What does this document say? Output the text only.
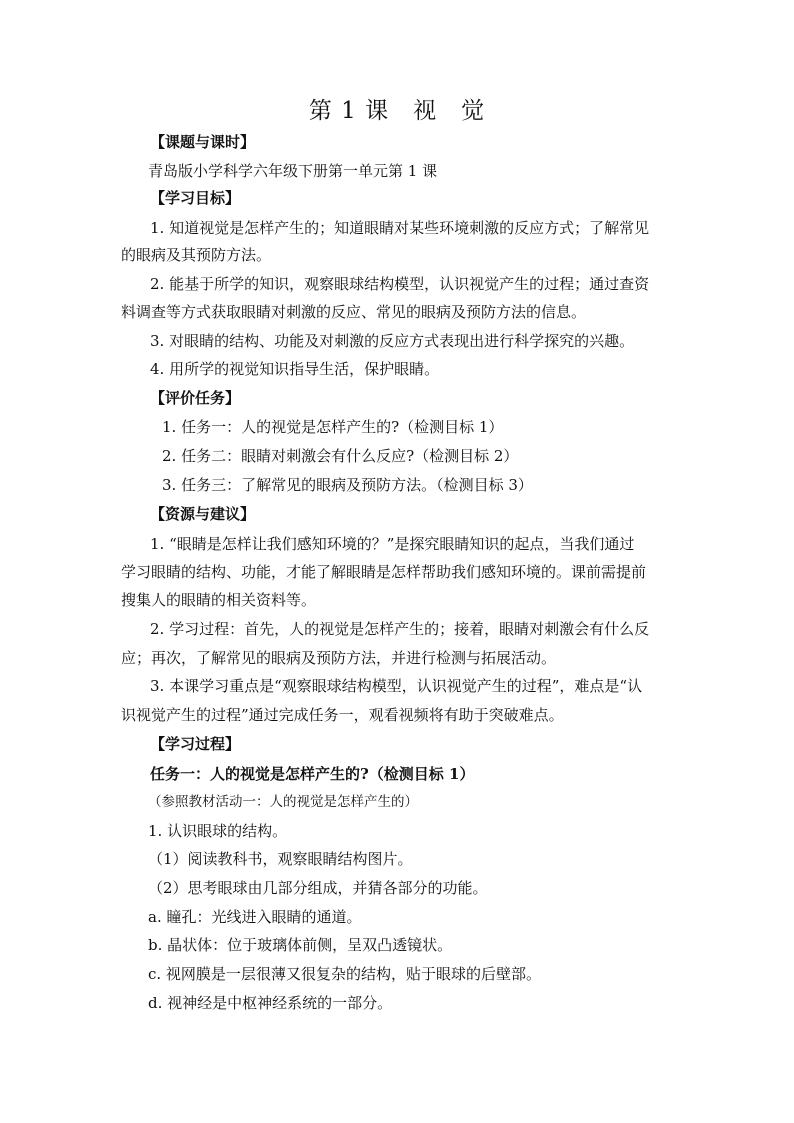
第 1 课　视　觉

【课题与课时】

青岛版小学科学六年级下册第一单元第 1 课

【学习目标】

1. 知道视觉是怎样产生的；知道眼睛对某些环境刺激的反应方式；了解常见

的眼病及其预防方法。

2. 能基于所学的知识，观察眼球结构模型，认识视觉产生的过程；通过查资

料调查等方式获取眼睛对刺激的反应、常见的眼病及预防方法的信息。

3. 对眼睛的结构、功能及对刺激的反应方式表现出进行科学探究的兴趣。

4. 用所学的视觉知识指导生活，保护眼睛。

【评价任务】

1. 任务一：人的视觉是怎样产生的?（检测目标 1）

2. 任务二：眼睛对刺激会有什么反应?（检测目标 2）

3. 任务三：了解常见的眼病及预防方法。（检测目标 3）

【资源与建议】

1. “眼睛是怎样让我们感知环境的？”是探究眼睛知识的起点，当我们通过

学习眼睛的结构、功能，才能了解眼睛是怎样帮助我们感知环境的。课前需提前

搜集人的眼睛的相关资料等。

2. 学习过程：首先，人的视觉是怎样产生的；接着，眼睛对刺激会有什么反

应；再次，了解常见的眼病及预防方法，并进行检测与拓展活动。

3. 本课学习重点是“观察眼球结构模型，认识视觉产生的过程”，难点是“认

识视觉产生的过程”通过完成任务一，观看视频将有助于突破难点。

【学习过程】

任务一：人的视觉是怎样产生的?（检测目标 1）

（参照教材活动一：人的视觉是怎样产生的）

1. 认识眼球的结构。

（1）阅读教科书，观察眼睛结构图片。

（2）思考眼球由几部分组成，并猜各部分的功能。

a. 瞳孔：光线进入眼睛的通道。

b. 晶状体：位于玻璃体前侧，呈双凸透镜状。

c. 视网膜是一层很薄又很复杂的结构，贴于眼球的后壁部。

d. 视神经是中枢神经系统的一部分。
